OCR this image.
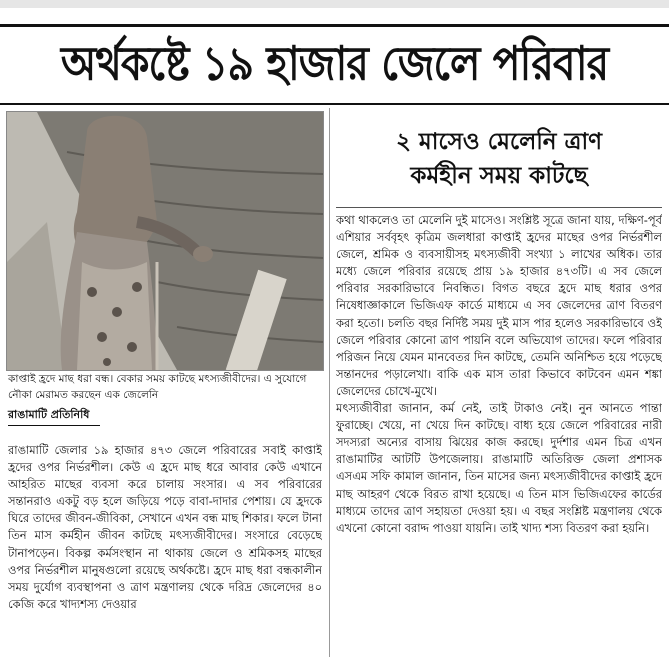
অর্থকষ্টে ১৯ হাজার জেলে পরিবার
কাপ্তাই হ্রদে মাছ ধরা বন্ধ। বেকার সময় কাটছে মৎস্যজীবীদের। এ সুযোগে নৌকা মেরামত করছেন এক জেলেনি
রাঙামাটি প্রতিনিধি

রাঙামাটি জেলার ১৯ হাজার ৪৭৩ জেলে পরিবারের সবাই কাপ্তাই হ্রদের ওপর নির্ভরশীল। কেউ এ হ্রদে মাছ ধরে আবার কেউ এখানে আহরিত মাছের ব্যবসা করে চালায় সংসার। এ সব পরিবারের সন্তানরাও একটু বড় হলে জড়িয়ে পড়ে বাবা-দাদার পেশায়। যে হ্রদকে ঘিরে তাদের জীবন-জীবিকা, সেখানে এখন বন্ধ মাছ শিকার। ফলে টানা তিন মাস কর্মহীন জীবন কাটছে মৎস্যজীবীদের। সংসারে বেড়েছে টানাপড়েন। বিকল্প কর্মসংস্থান না থাকায় জেলে ও শ্রমিকসহ মাছের ওপর নির্ভরশীল মানুষগুলো রয়েছে অর্থকষ্টে। হ্রদে মাছ ধরা বন্ধকালীন সময় দুর্যোগ ব্যবস্থাপনা ও ত্রাণ মন্ত্রণালয় থেকে দরিদ্র জেলেদের ৪০ কেজি করে খাদ্যশস্য দেওয়ার

২ মাসেও মেলেনি ত্রাণ
কর্মহীন সময় কাটছে

কথা থাকলেও তা মেলেনি দুই মাসেও। সংশ্লিষ্ট সূত্রে জানা যায়, দক্ষিণ-পূর্ব এশিয়ার সর্ববৃহৎ কৃত্রিম জলধারা কাপ্তাই হ্রদের মাছের ওপর নির্ভরশীল জেলে, শ্রমিক ও ব্যবসায়ীসহ মৎস্যজীবী সংখ্যা ১ লাখের অধিক। তার মধ্যে জেলে পরিবার রয়েছে প্রায় ১৯ হাজার ৪৭৩টি। এ সব জেলে পরিবার সরকারিভাবে নিবন্ধিত। বিগত বছরে হ্রদে মাছ ধরার ওপর নিষেধাজ্ঞাকালে ভিজিএফ কার্ডে মাধ্যমে এ সব জেলেদের ত্রাণ বিতরণ করা হতো। চলতি বছর নির্দিষ্ট সময় দুই মাস পার হলেও সরকারিভাবে ওই জেলে পরিবার কোনো ত্রাণ পায়নি বলে অভিযোগ তাদের। ফলে পরিবার পরিজন নিয়ে যেমন মানবেতর দিন কাটছে, তেমনি অনিশ্চিত হয়ে পড়েছে সন্তানদের পড়ালেখা। বাকি এক মাস তারা কিভাবে কাটবেন এমন শঙ্কা জেলেদের চোখে-মুখে।

মৎস্যজীবীরা জানান, কর্ম নেই, তাই টাকাও নেই। নুন আনতে পান্তা ফুরাচ্ছে। খেয়ে, না খেয়ে দিন কাটছে। বাধ্য হয়ে জেলে পরিবারের নারী সদস্যরা অন্যের বাসায় ঝিয়ের কাজ করছে। দুর্দশার এমন চিত্র এখন রাঙামাটির আটটি উপজেলায়। রাঙামাটি অতিরিক্ত জেলা প্রশাসক এসএম সফি কামাল জানান, তিন মাসের জন্য মৎস্যজীবীদের কাপ্তাই হ্রদে মাছ আহরণ থেকে বিরত রাখা হয়েছে। এ তিন মাস ভিজিএফের কার্ডের মাধ্যমে তাদের ত্রাণ সহায়তা দেওয়া হয়। এ বছর সংশ্লিষ্ট মন্ত্রণালয় থেকে এখনো কোনো বরাদ্দ পাওয়া যায়নি। তাই খাদ্য শস্য বিতরণ করা হয়নি।
